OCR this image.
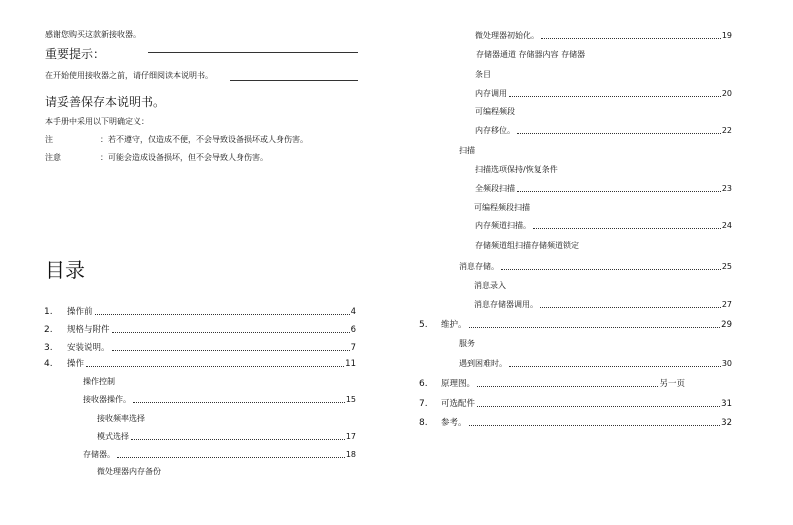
感谢您购买这款新接收器。
重要提示：
在开始使用接收器之前，请仔细阅读本说明书。
请妥善保存本说明书。
本手册中采用以下明确定义：
注	：若不遵守，仅造成不便，不会导致设备损坏或人身伤害。
注意	：可能会造成设备损坏，但不会导致人身伤害。
目录
1. 操作前	4
2. 规格与附件	6
3. 安装说明。	7
4. 操作	11
操作控制
接收器操作。	15
接收频率选择
模式选择	17
存储器。	18
微处理器内存备份
微处理器初始化。	19
存储器通道 存储器内容 存储器
条目
内存调用	20
可编程频段
内存移位。	22
扫描
扫描选项保持/恢复条件
全频段扫描	23
可编程频段扫描
内存频道扫描。	24
存储频道组扫描存储频道锁定
消息存储。	25
消息录入
消息存储器调用。	27
5. 维护。	29
服务
遇到困难时。	30
6. 原理图。	另一页
7. 可选配件	31
8. 参考。	32
